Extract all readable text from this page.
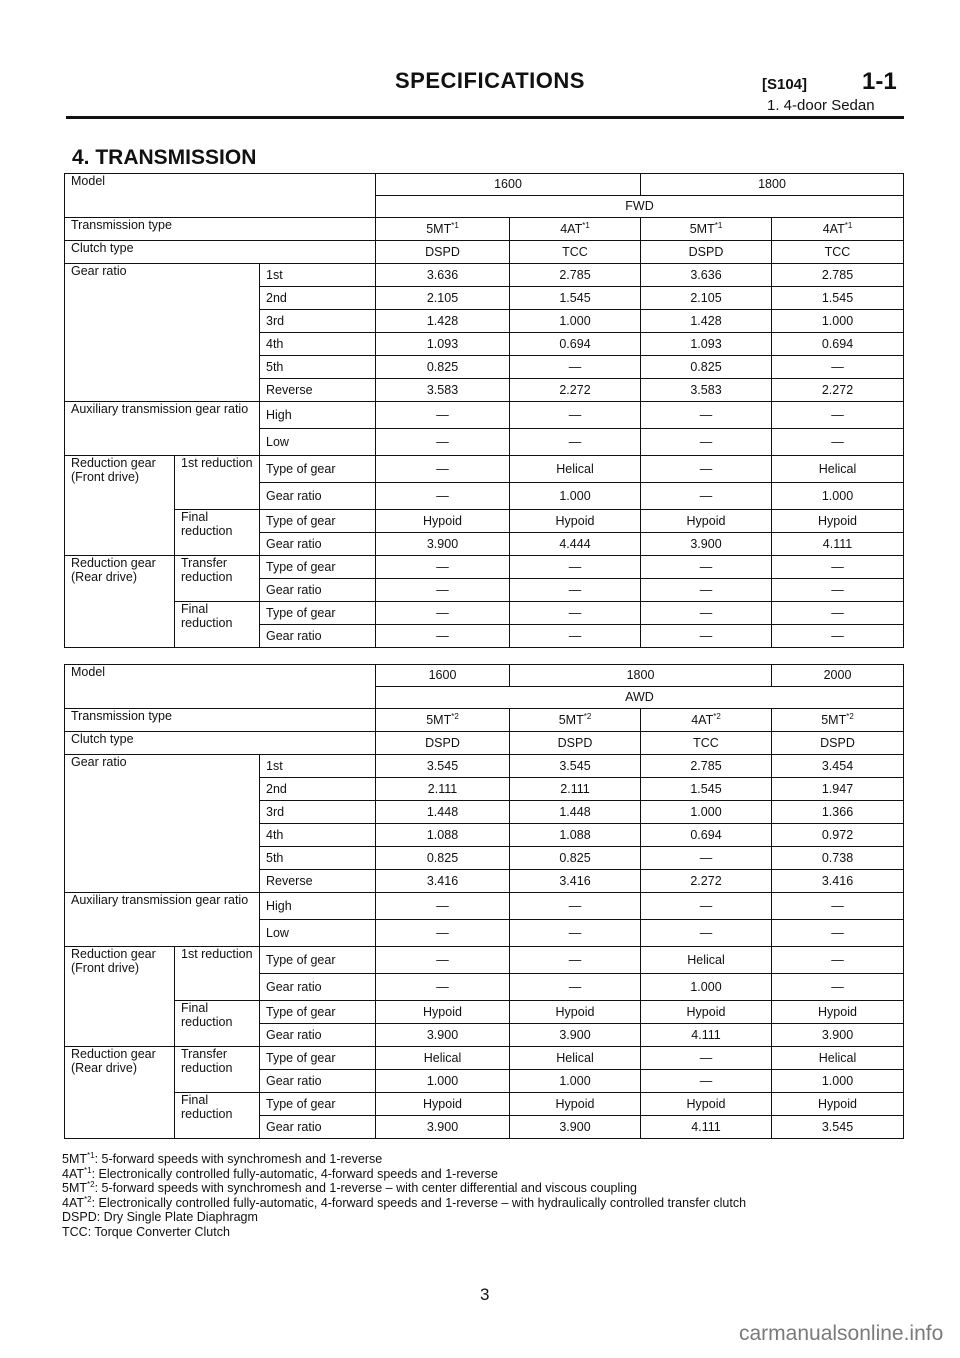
SPECIFICATIONS	[S104] 1-1
1. 4-door Sedan
4. TRANSMISSION
Model			1600		1800	
			FWD			
Transmission type			5MT$^{*1}$	4AT$^{*1}$	5MT$^{*1}$	4AT$^{*1}$
Clutch type			DSPD	TCC	DSPD	TCC
Gear ratio		1st	3.636	2.785	3.636	2.785
		2nd	2.105	1.545	2.105	1.545
		3rd	1.428	1.000	1.428	1.000
		4th	1.093	0.694	1.093	0.694
		5th	0.825	—	0.825	—
		Reverse	3.583	2.272	3.583	2.272
Auxiliary transmission gear ratio		High	—	—	—	—
		Low	—	—	—	—
Reduction gear (Front drive)	1st reduction	Type of gear	—	Helical	—	Helical
		Gear ratio	—	1.000	—	1.000
	Final reduction	Type of gear	Hypoid	Hypoid	Hypoid	Hypoid
		Gear ratio	3.900	4.444	3.900	4.111
Reduction gear (Rear drive)	Transfer reduction	Type of gear	—	—	—	—
		Gear ratio	—	—	—	—
	Final reduction	Type of gear	—	—	—	—
		Gear ratio	—	—	—	—
Model			1600	1800		2000
			AWD			
Transmission type			5MT$^{*2}$	5MT$^{*2}$	4AT$^{*2}$	5MT$^{*2}$
Clutch type			DSPD	DSPD	TCC	DSPD
Gear ratio		1st	3.545	3.545	2.785	3.454
		2nd	2.111	2.111	1.545	1.947
		3rd	1.448	1.448	1.000	1.366
		4th	1.088	1.088	0.694	0.972
		5th	0.825	0.825	—	0.738
		Reverse	3.416	3.416	2.272	3.416
Auxiliary transmission gear ratio		High	—	—	—	—
		Low	—	—	—	—
Reduction gear (Front drive)	1st reduction	Type of gear	—	—	Helical	—
		Gear ratio	—	—	1.000	—
	Final reduction	Type of gear	Hypoid	Hypoid	Hypoid	Hypoid
		Gear ratio	3.900	3.900	4.111	3.900
Reduction gear (Rear drive)	Transfer reduction	Type of gear	Helical	Helical	—	Helical
		Gear ratio	1.000	1.000	—	1.000
	Final reduction	Type of gear	Hypoid	Hypoid	Hypoid	Hypoid
		Gear ratio	3.900	3.900	4.111	3.545
5MT$^{*1}$: 5-forward speeds with synchromesh and 1-reverse
4AT$^{*1}$: Electronically controlled fully-automatic, 4-forward speeds and 1-reverse
5MT$^{*2}$: 5-forward speeds with synchromesh and 1-reverse – with center differential and viscous coupling
4AT$^{*2}$: Electronically controlled fully-automatic, 4-forward speeds and 1-reverse – with hydraulically controlled transfer clutch
DSPD: Dry Single Plate Diaphragm
TCC: Torque Converter Clutch
3
carmanualsonline.info
